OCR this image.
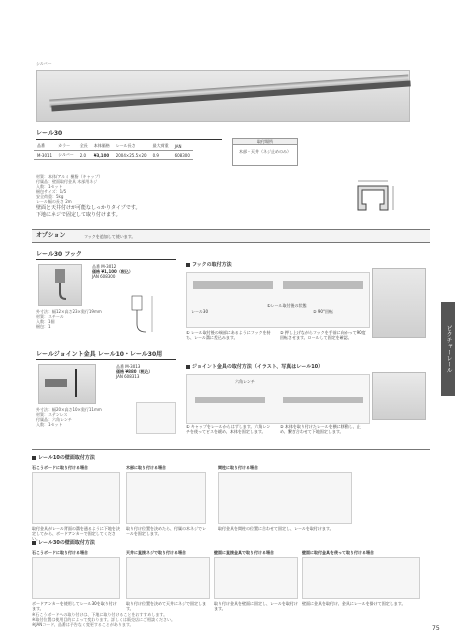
ピクチャーレール
シルバー
レール30
品番	カラー	全長	本体価格	レール長さ	最大荷重	JAN
M-3011	シルバー	2.0	¥3,100	2004×25.5×20	0.9	608300
取付場所
木部・天井（ネジ止めのみ）
材質：本体/アルミ 樹脂（キャップ）
付属品：壁面取付金具 木部用ネジ
入数：1セット
梱包サイズ：1/5
安全荷重：5kg
レール幅の長さ 2m
壁面と天井付けが可能なしっかりタイプです。
下地にネジで固定して取り付けます。
オプション	フックを追加して使います。
レール30 フック
品番 M-3012
価格 ¥1,100（税込）
JAN 608300
外寸法：幅12×高さ23×奥行19mm
材質：スチール
入数：1個
梱包：1
フックの取付方法
レール30
①レール取付後の状態
② 90°回転
① レール取付後の端部にあるようにフックを持ち、レール溝に差込みます。
② 押し上げながらフックを手前に向かって90度回転させます。ロールして固定を確認。
レールジョイント金具 レール10・レール30用
品番 M-3013
価格 ¥880（税込）
JAN 608313
外寸法：幅20×高さ10×奥行11mm
材質：ステンレス
付属品：六角レンチ
入数：1セット
ジョイント金具の取付方法（イラスト、写真はレール10）
六角レンチ
① キャップをレールからはずします。六角レンチを使ってビスを緩め、本体を固定します。
② 本体を取り付けたレールを横に移動し、止め、繋ぎ合わせて下地固定します。
レール10の壁面取付方法
石こうボードに取り付ける場合
取付金具がレール背面の溝を通るように下地を決定してから、ボードアンカーで固定してください。
木部に取り付ける場合
取り付け位置を決めたら、付属の木ネジでレールを固定します。
間柱に取り付ける場合
取付金具を間柱の位置に合わせて固定し、レールを取付けます。
レール30の壁面取付方法
石こうボードに取り付ける場合
ボードアンカーを使用してレール30を取り付けます。
天井に直接ネジで取り付ける場合
取り付け位置を決めて天井にネジで固定します。
壁面に直接金具で取り付ける場合
取り付け金具を壁面に固定し、レールを取付けます。
壁面に取付金具を使って取り付ける場合
壁面に金具を取付け、金具にレールを掛けて固定します。
※石こうボードへの取り付けは、下地に取り付けることをおすすめします。
※取付位置は使用目的によって変わります。詳しくは販売店にご相談ください。
※JANコード、品番は予告なく変更することがあります。
75
